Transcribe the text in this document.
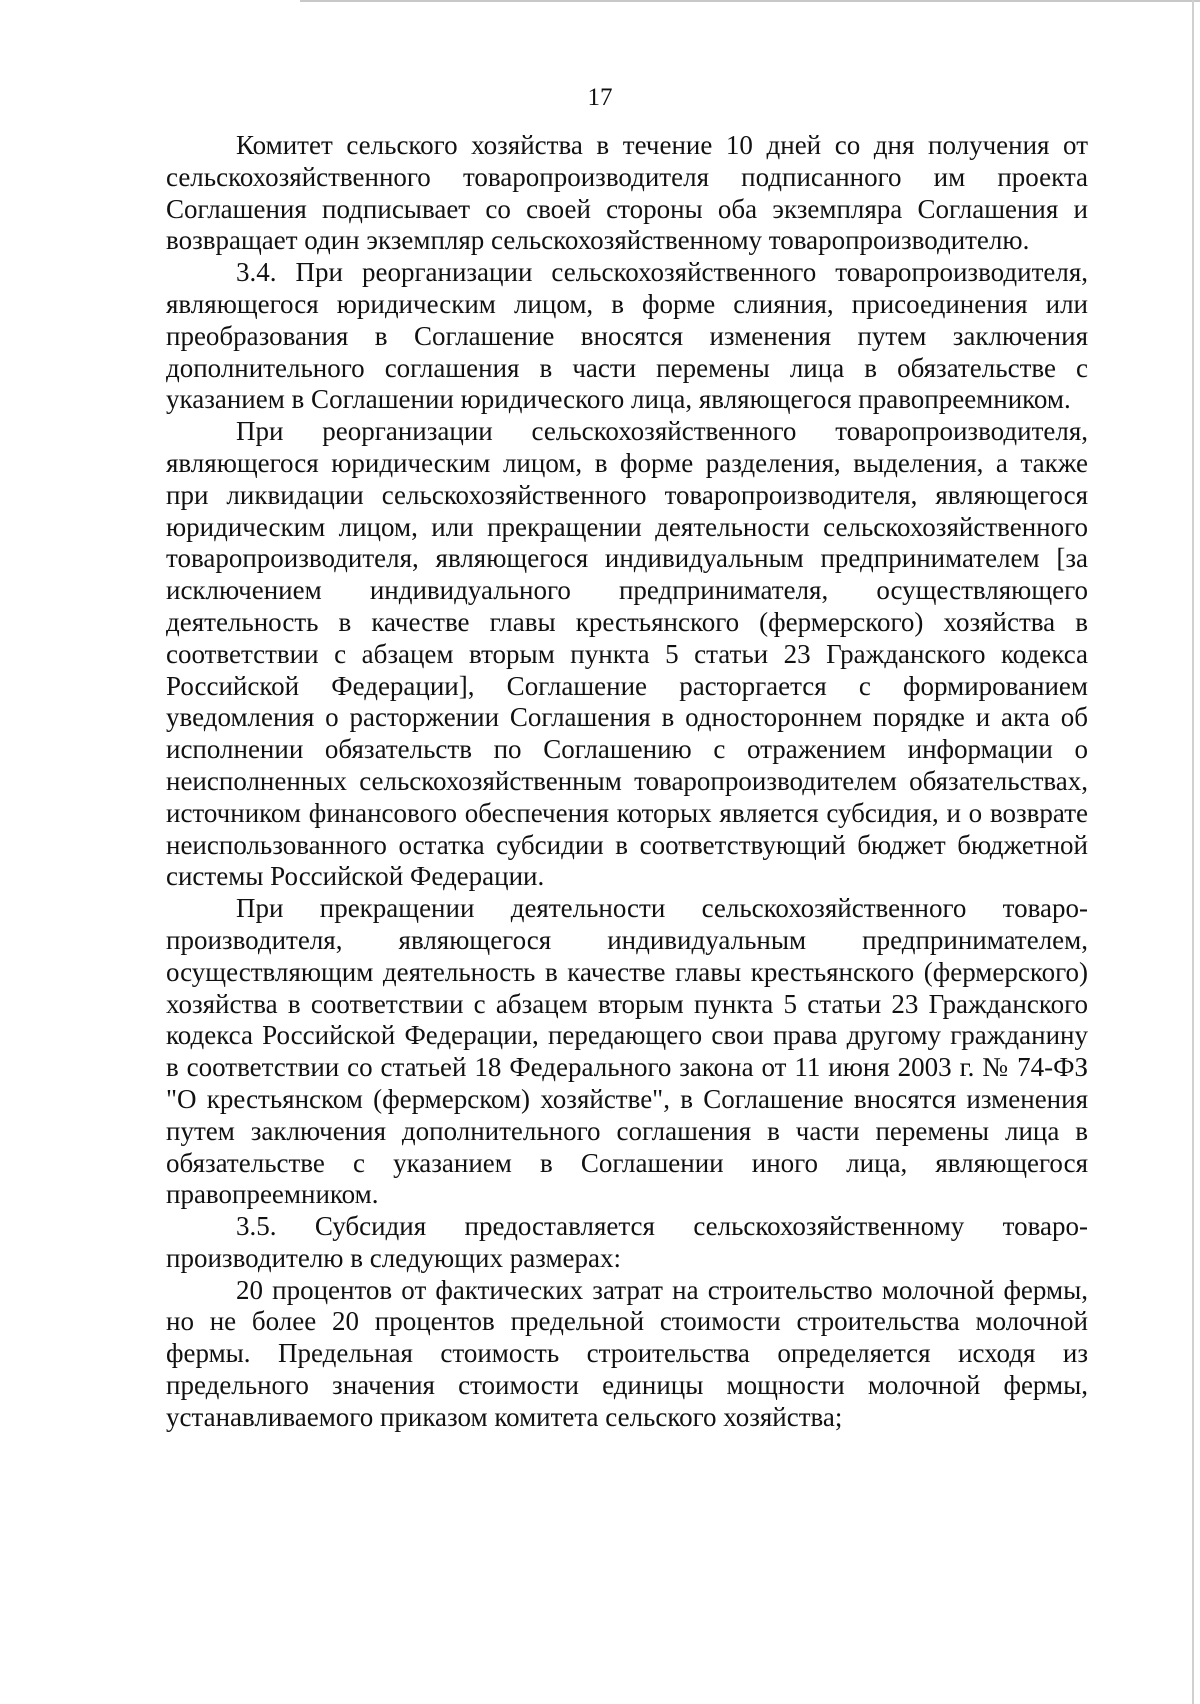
17

Комитет сельского хозяйства в течение 10 дней со дня получения от сельскохозяйственного товаропроизводителя подписанного им проекта Соглашения подписывает со своей стороны оба экземпляра Соглашения и возвращает один экземпляр сельскохозяйственному товаропроизводителю.

3.4. При реорганизации сельскохозяйственного товаропроизводителя, являющегося юридическим лицом, в форме слияния, присоединения или преобразования в Соглашение вносятся изменения путем заключения дополнительного соглашения в части перемены лица в обязательстве с указанием в Соглашении юридического лица, являющегося правопреемником.

При реорганизации сельскохозяйственного товаропроизводителя, являющегося юридическим лицом, в форме разделения, выделения, а также при ликвидации сельскохозяйственного товаропроизводителя, являющегося юридическим лицом, или прекращении деятельности сельскохозяйственного товаропроизводителя, являющегося индивидуальным предпринимателем [за исключением индивидуального предпринимателя, осуществляющего деятельность в качестве главы крестьянского (фермерского) хозяйства в соответствии с абзацем вторым пункта 5 статьи 23 Гражданского кодекса Российской Федерации], Соглашение расторгается с формированием уведомления о расторжении Соглашения в одностороннем порядке и акта об исполнении обязательств по Соглашению с отражением информации о неисполненных сельскохозяйственным товаропроизводителем обязательствах, источником финансового обеспечения которых является субсидия, и о возврате неиспользованного остатка субсидии в соответствующий бюджет бюджетной системы Российской Федерации.

При прекращении деятельности сельскохозяйственного товаропроизводителя, являющегося индивидуальным предпринимателем, осуществляющим деятельность в качестве главы крестьянского (фермерского) хозяйства в соответствии с абзацем вторым пункта 5 статьи 23 Гражданского кодекса Российской Федерации, передающего свои права другому гражданину в соответствии со статьей 18 Федерального закона от 11 июня 2003 г. № 74-ФЗ "О крестьянском (фермерском) хозяйстве", в Соглашение вносятся изменения путем заключения дополнительного соглашения в части перемены лица в обязательстве с указанием в Соглашении иного лица, являющегося правопреемником.

3.5. Субсидия предоставляется сельскохозяйственному товаропроизводителю в следующих размерах:

20 процентов от фактических затрат на строительство молочной фермы, но не более 20 процентов предельной стоимости строительства молочной фермы. Предельная стоимость строительства определяется исходя из предельного значения стоимости единицы мощности молочной фермы, устанавливаемого приказом комитета сельского хозяйства;
